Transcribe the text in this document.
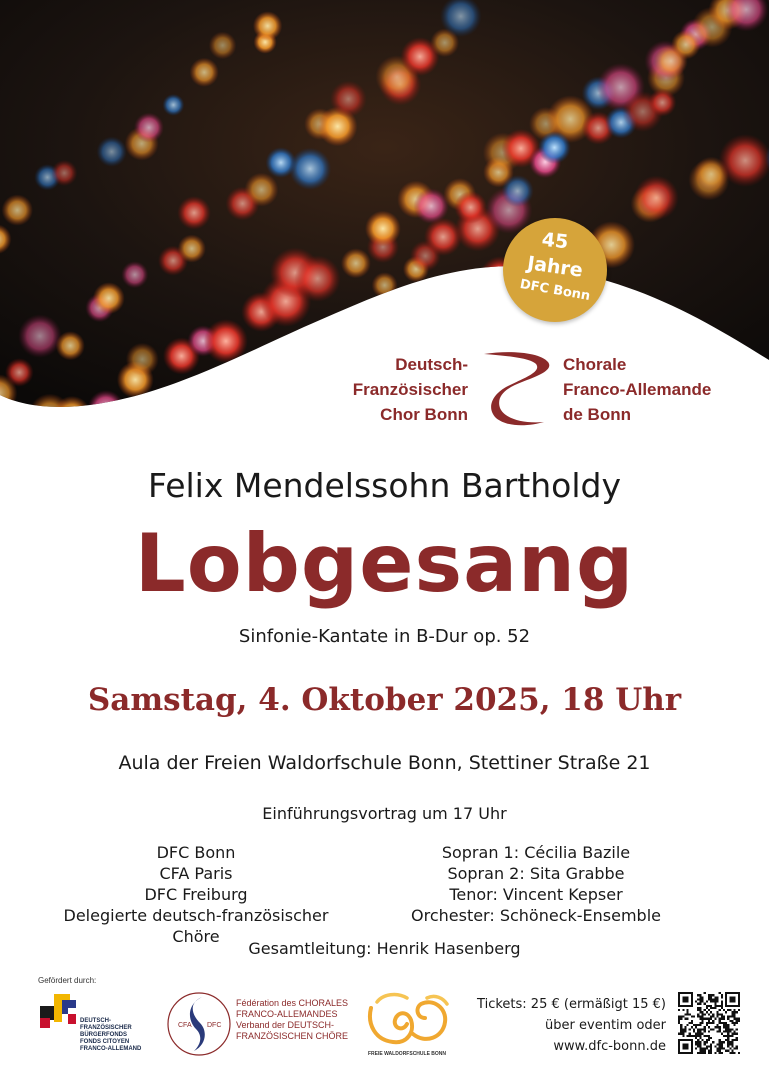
45
Jahre
DFC Bonn
Deutsch-
Französischer
Chor Bonn
Chorale
Franco-Allemande
de Bonn
Felix Mendelssohn Bartholdy
Lobgesang
Sinfonie-Kantate in B-Dur op. 52
Samstag, 4. Oktober 2025, 18 Uhr
Aula der Freien Waldorfschule Bonn, Stettiner Straße 21
Einführungsvortrag um 17 Uhr
DFC Bonn
CFA Paris
DFC Freiburg
Delegierte deutsch-französischer Chöre
Sopran 1: Cécilia Bazile
Sopran 2: Sita Grabbe
Tenor: Vincent Kepser
Orchester: Schöneck-Ensemble
Gesamtleitung: Henrik Hasenberg
Gefördert durch:
DEUTSCH-
FRANZÖSISCHER
BÜRGERFONDS
FONDS CITOYEN
FRANCO-ALLEMAND
CFA DFC
Fédération des CHORALES
FRANCO-ALLEMANDES
Verband der DEUTSCH-
FRANZÖSISCHEN CHÖRE
FREIE WALDORFSCHULE BONN
Tickets: 25 € (ermäßigt 15 €)
über eventim oder
www.dfc-bonn.de
